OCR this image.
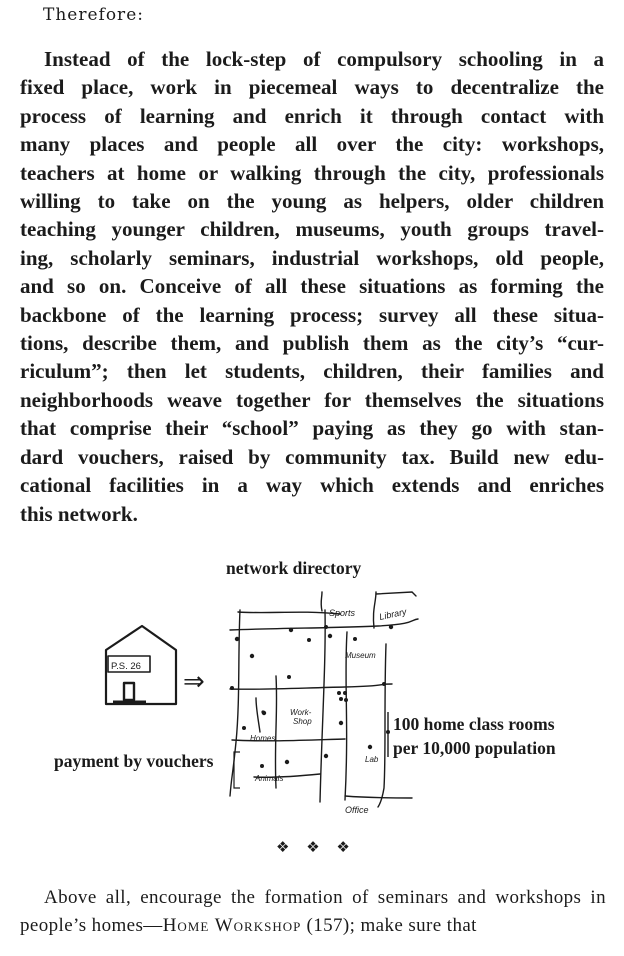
Therefore:

Instead of the lock-step of compulsory schooling in a
fixed place, work in piecemeal ways to decentralize the
process of learning and enrich it through contact with
many places and people all over the city: workshops,
teachers at home or walking through the city, professionals
willing to take on the young as helpers, older children
teaching younger children, museums, youth groups travel-
ing, scholarly seminars, industrial workshops, old people,
and so on. Conceive of all these situations as forming the
backbone of the learning process; survey all these situa-
tions, describe them, and publish them as the city’s “cur-
riculum”; then let students, children, their families and
neighborhoods weave together for themselves the situations
that comprise their “school” paying as they go with stan-
dard vouchers, raised by community tax. Build new edu-
cational facilities in a way which extends and enriches
this network.

network directory
P.S. 26
⇒
Sports	Library
Museum
Work-
Shop
Homes
Animals
Lab
Office
payment by vouchers
100 home class rooms
per 10,000 population
❖ ❖ ❖

Above all, encourage the formation of seminars and workshops in people’s homes—Home Workshop (157); make sure that
